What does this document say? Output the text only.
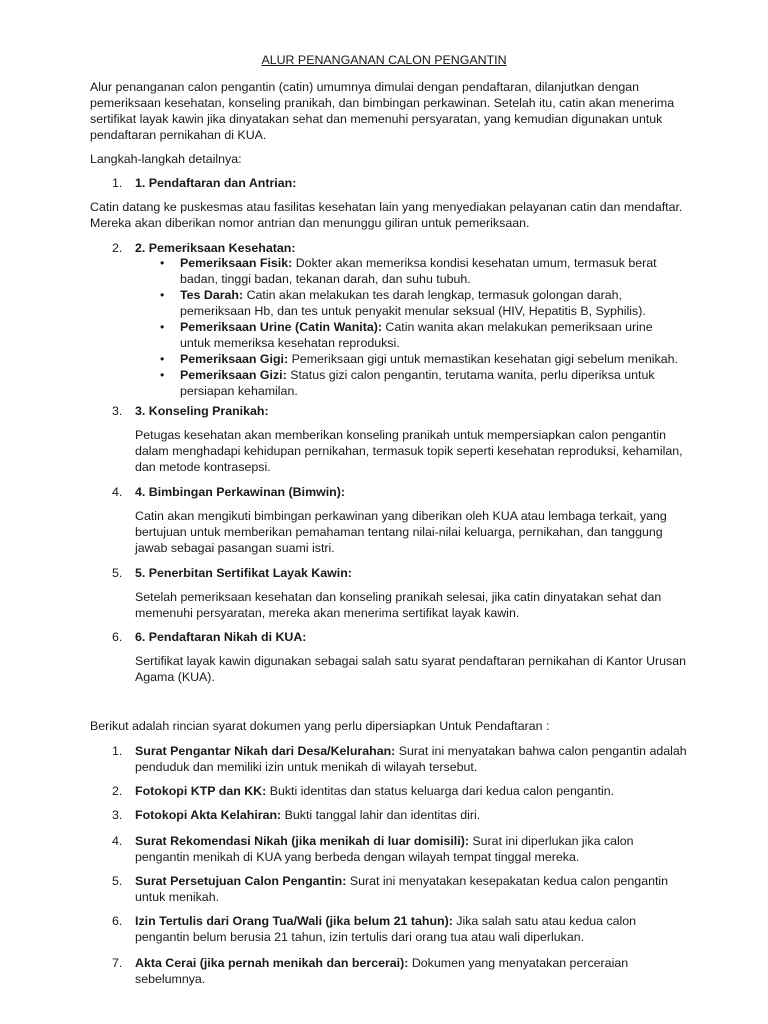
ALUR PENANGANAN CALON PENGANTIN

Alur penanganan calon pengantin (catin) umumnya dimulai dengan pendaftaran, dilanjutkan dengan pemeriksaan kesehatan, konseling pranikah, dan bimbingan perkawinan. Setelah itu, catin akan menerima sertifikat layak kawin jika dinyatakan sehat dan memenuhi persyaratan, yang kemudian digunakan untuk pendaftaran pernikahan di KUA.

Langkah-langkah detailnya:
1. 1. Pendaftaran dan Antrian:
Catin datang ke puskesmas atau fasilitas kesehatan lain yang menyediakan pelayanan catin dan mendaftar. Mereka akan diberikan nomor antrian dan menunggu giliran untuk pemeriksaan.
2. 2. Pemeriksaan Kesehatan:
• Pemeriksaan Fisik: Dokter akan memeriksa kondisi kesehatan umum, termasuk berat badan, tinggi badan, tekanan darah, dan suhu tubuh.
• Tes Darah: Catin akan melakukan tes darah lengkap, termasuk golongan darah, pemeriksaan Hb, dan tes untuk penyakit menular seksual (HIV, Hepatitis B, Syphilis).
• Pemeriksaan Urine (Catin Wanita): Catin wanita akan melakukan pemeriksaan urine untuk memeriksa kesehatan reproduksi.
• Pemeriksaan Gigi: Pemeriksaan gigi untuk memastikan kesehatan gigi sebelum menikah.
• Pemeriksaan Gizi: Status gizi calon pengantin, terutama wanita, perlu diperiksa untuk persiapan kehamilan.
3. 3. Konseling Pranikah:
Petugas kesehatan akan memberikan konseling pranikah untuk mempersiapkan calon pengantin dalam menghadapi kehidupan pernikahan, termasuk topik seperti kesehatan reproduksi, kehamilan, dan metode kontrasepsi.
4. 4. Bimbingan Perkawinan (Bimwin):
Catin akan mengikuti bimbingan perkawinan yang diberikan oleh KUA atau lembaga terkait, yang bertujuan untuk memberikan pemahaman tentang nilai-nilai keluarga, pernikahan, dan tanggung jawab sebagai pasangan suami istri.
5. 5. Penerbitan Sertifikat Layak Kawin:
Setelah pemeriksaan kesehatan dan konseling pranikah selesai, jika catin dinyatakan sehat dan memenuhi persyaratan, mereka akan menerima sertifikat layak kawin.
6. 6. Pendaftaran Nikah di KUA:
Sertifikat layak kawin digunakan sebagai salah satu syarat pendaftaran pernikahan di Kantor Urusan Agama (KUA).
Berikut adalah rincian syarat dokumen yang perlu dipersiapkan Untuk Pendaftaran :
1. Surat Pengantar Nikah dari Desa/Kelurahan: Surat ini menyatakan bahwa calon pengantin adalah penduduk dan memiliki izin untuk menikah di wilayah tersebut.
2. Fotokopi KTP dan KK: Bukti identitas dan status keluarga dari kedua calon pengantin.
3. Fotokopi Akta Kelahiran: Bukti tanggal lahir dan identitas diri.
4. Surat Rekomendasi Nikah (jika menikah di luar domisili): Surat ini diperlukan jika calon pengantin menikah di KUA yang berbeda dengan wilayah tempat tinggal mereka.
5. Surat Persetujuan Calon Pengantin: Surat ini menyatakan kesepakatan kedua calon pengantin untuk menikah.
6. Izin Tertulis dari Orang Tua/Wali (jika belum 21 tahun): Jika salah satu atau kedua calon pengantin belum berusia 21 tahun, izin tertulis dari orang tua atau wali diperlukan.
7. Akta Cerai (jika pernah menikah dan bercerai): Dokumen yang menyatakan perceraian sebelumnya.
